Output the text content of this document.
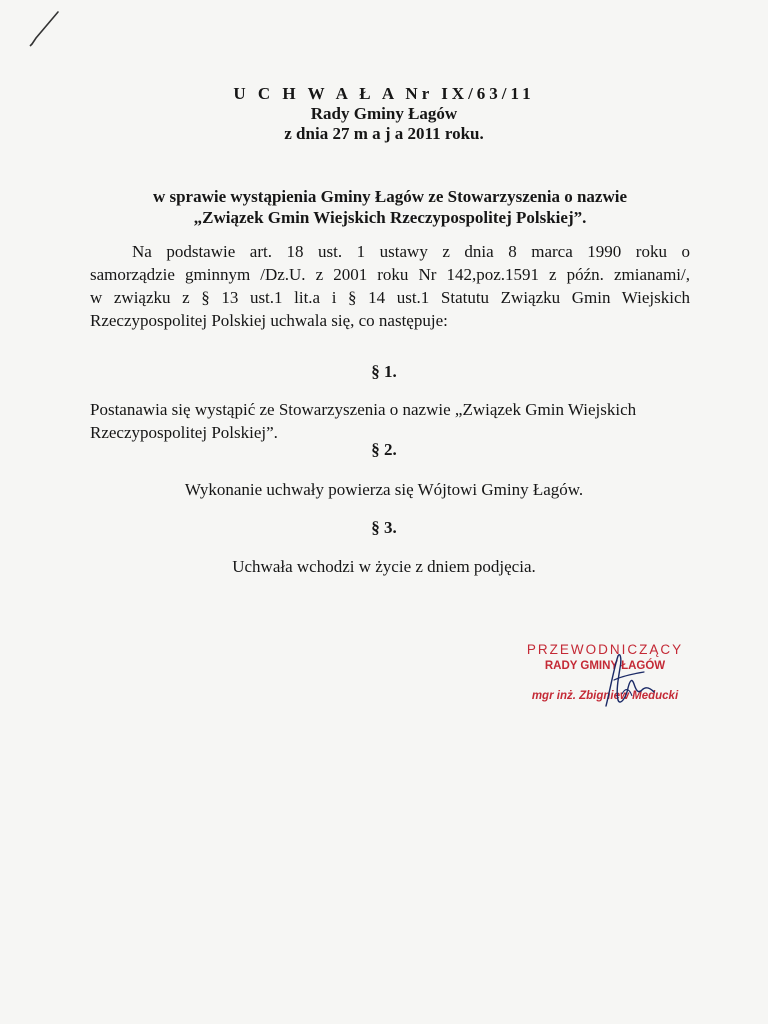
U C H W A Ł A Nr IX/63/11
Rady Gminy Łagów
z dnia 27 m a j a 2011 roku.
w sprawie wystąpienia Gminy Łagów ze Stowarzyszenia o nazwie
„Związek Gmin Wiejskich Rzeczypospolitej Polskiej”.
Na podstawie art. 18 ust. 1 ustawy z dnia 8 marca 1990 roku o
samorządzie gminnym /Dz.U. z 2001 roku Nr 142,poz.1591 z późn. zmianami/,
w związku z § 13 ust.1 lit.a i § 14 ust.1 Statutu Związku Gmin Wiejskich
Rzeczypospolitej Polskiej uchwala się, co następuje:
§ 1.
Postanawia się wystąpić ze Stowarzyszenia o nazwie „Związek Gmin Wiejskich
Rzeczypospolitej Polskiej”.
§ 2.
Wykonanie uchwały powierza się Wójtowi Gminy Łagów.
§ 3.
Uchwała wchodzi w życie z dniem podjęcia.
PRZEWODNICZĄCY
RADY GMINY ŁAGÓW
mgr inż. Zbigniew Meducki
